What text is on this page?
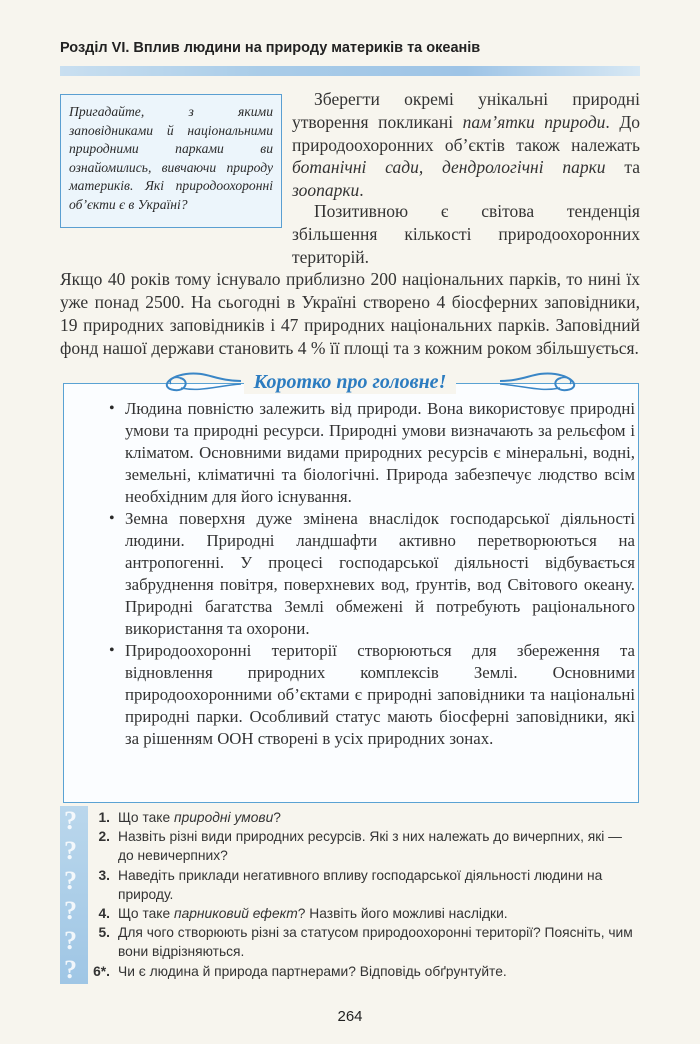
Розділ VI. Вплив людини на природу материків та океанів

Пригадайте, з якими заповідниками й національними природними парками ви ознайомились, вивчаючи природу материків. Які природоохоронні об’єкти є в Україні?

Зберегти окремі унікальні природні утворення покликані пам’ятки природи. До природоохоронних об’єктів також належать ботанічні сади, дендрологічні парки та зоопарки.

Позитивною є світова тенденція збільшення кількості природоохоронних територій.
Якщо 40 років тому існувало приблизно 200 національних парків, то нині їх уже понад 2500. На сьогодні в Україні створено 4 біосферних заповідники, 19 природних заповідників і 47 природних національних парків. Заповідний фонд нашої держави становить 4 % її площі та з кожним роком збільшується.

Коротко про головне!
• Людина повністю залежить від природи. Вона використовує природні умови та природні ресурси. Природні умови визначають за рельєфом і кліматом. Основними видами природних ресурсів є мінеральні, водні, земельні, кліматичні та біологічні. Природа забезпечує людство всім необхідним для його існування.
• Земна поверхня дуже змінена внаслідок господарської діяльності людини. Природні ландшафти активно перетворюються на антропогенні. У процесі господарської діяльності відбувається забруднення повітря, поверхневих вод, ґрунтів, вод Світового океану. Природні багатства Землі обмежені й потребують раціонального використання та охорони.
• Природоохоронні території створюються для збереження та відновлення природних комплексів Землі. Основними природоохоронними об’єктами є природні заповідники та національні природні парки. Особливий статус мають біосферні заповідники, які за рішенням ООН створені в усіх природних зонах.
?
?
?
?
?
?
1. Що таке природні умови?
2. Назвіть різні види природних ресурсів. Які з них належать до вичерпних, які — до невичерпних?
3. Наведіть приклади негативного впливу господарської діяльності людини на природу.
4. Що таке парниковий ефект? Назвіть його можливі наслідки.
5. Для чого створюють різні за статусом природоохоронні території? Поясніть, чим вони відрізняються.
6*. Чи є людина й природа партнерами? Відповідь обґрунтуйте.
264
